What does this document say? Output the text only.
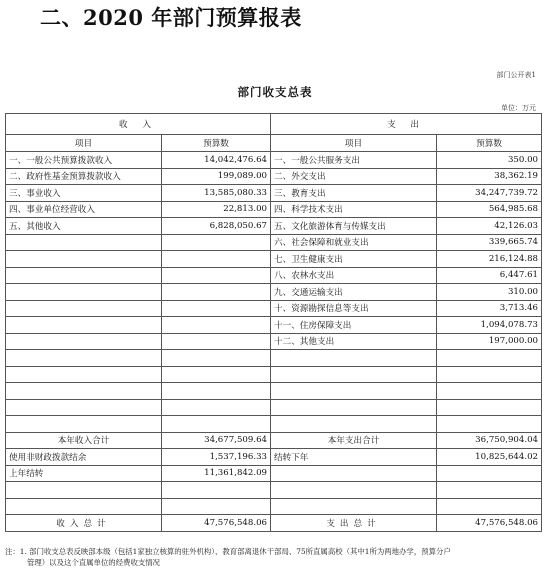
二、2020 年部门预算报表
部门公开表1
部门收支总表
单位：万元
收 入		支 出	
项目	预算数	项目	预算数
一、一般公共预算拨款收入	14,042,476.64	一、一般公共服务支出	350.00
二、政府性基金预算拨款收入	199,089.00	二、外交支出	38,362.19
三、事业收入	13,585,080.33	三、教育支出	34,247,739.72
四、事业单位经营收入	22,813.00	四、科学技术支出	564,985.68
五、其他收入	6,828,050.67	五、文化旅游体育与传媒支出	42,126.03
		六、社会保障和就业支出	339,665.74
		七、卫生健康支出	216,124.88
		八、农林水支出	6,447.61
		九、交通运输支出	310.00
		十、资源勘探信息等支出	3,713.46
		十一、住房保障支出	1,094,078.73
		十二、其他支出	197,000.00

本年收入合计	34,677,509.64	本年支出合计	36,750,904.04
使用非财政拨款结余	1,537,196.33	结转下年	10,825,644.02
上年结转	11,361,842.09		

收入总计	47,576,548.06	支出总计	47,576,548.06
注：1. 部门收支总表反映部本级（包括1家独立核算的驻外机构）、教育部离退休干部局、75所直属高校（其中1所为两地办学，预算分户
管理）以及这个直属单位的经费收支情况
